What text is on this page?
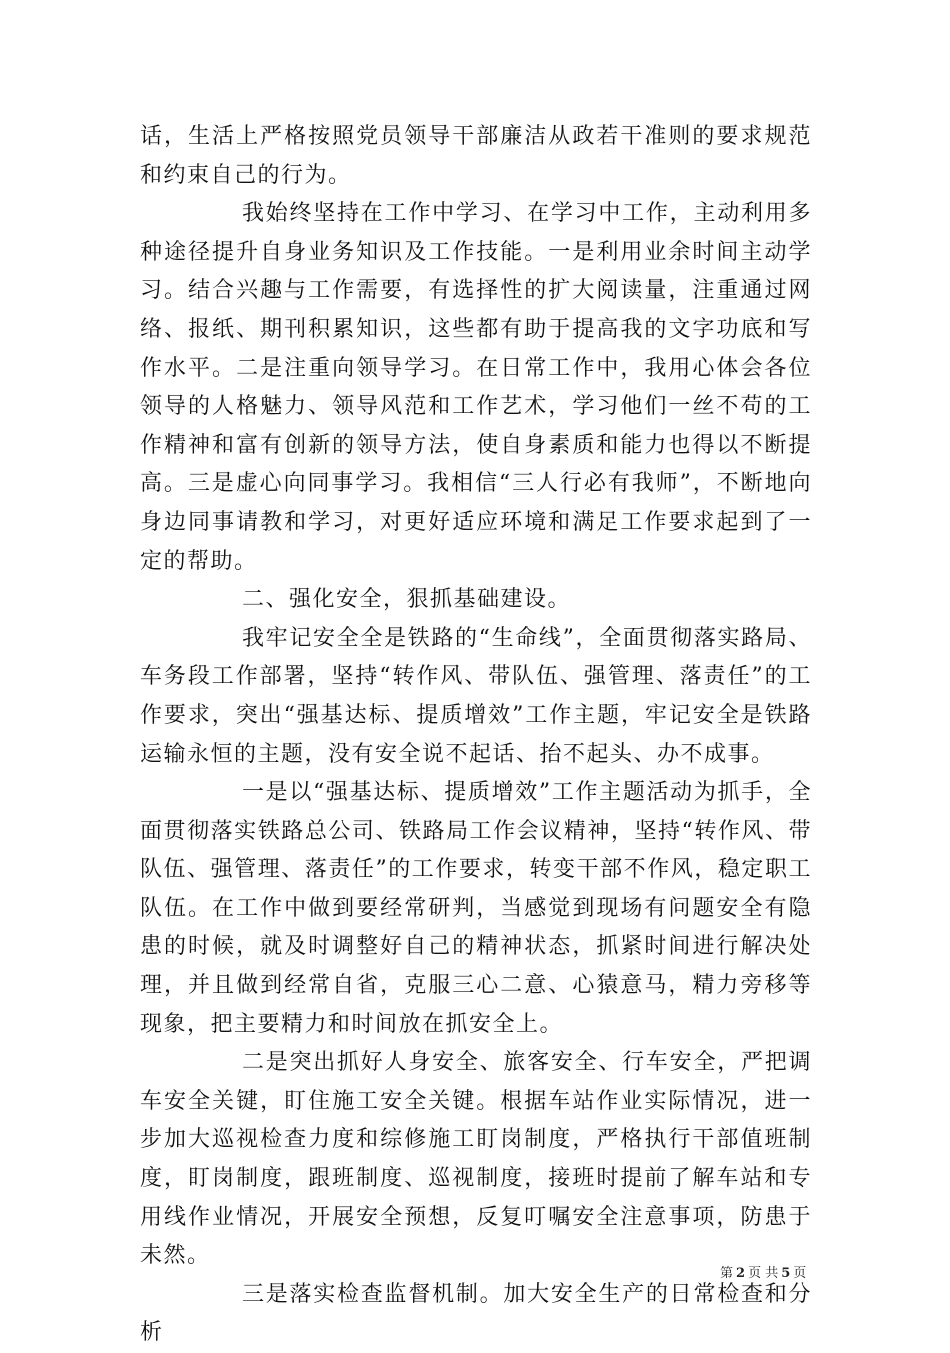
话，生活上严格按照党员领导干部廉洁从政若干准则的要求规范和约束自己的行为。

我始终坚持在工作中学习、在学习中工作，主动利用多种途径提升自身业务知识及工作技能。一是利用业余时间主动学习。结合兴趣与工作需要，有选择性的扩大阅读量，注重通过网络、报纸、期刊积累知识，这些都有助于提高我的文字功底和写作水平。二是注重向领导学习。在日常工作中，我用心体会各位领导的人格魅力、领导风范和工作艺术，学习他们一丝不苟的工作精神和富有创新的领导方法，使自身素质和能力也得以不断提高。三是虚心向同事学习。我相信“三人行必有我师”，不断地向身边同事请教和学习，对更好适应环境和满足工作要求起到了一定的帮助。

二、强化安全，狠抓基础建设。

我牢记安全全是铁路的“生命线”，全面贯彻落实路局、车务段工作部署，坚持“转作风、带队伍、强管理、落责任”的工作要求，突出“强基达标、提质增效”工作主题，牢记安全是铁路运输永恒的主题，没有安全说不起话、抬不起头、办不成事。

一是以“强基达标、提质增效”工作主题活动为抓手，全面贯彻落实铁路总公司、铁路局工作会议精神，坚持“转作风、带队伍、强管理、落责任”的工作要求，转变干部不作风，稳定职工队伍。在工作中做到要经常研判，当感觉到现场有问题安全有隐患的时候，就及时调整好自己的精神状态，抓紧时间进行解决处理，并且做到经常自省，克服三心二意、心猿意马，精力旁移等现象，把主要精力和时间放在抓安全上。

二是突出抓好人身安全、旅客安全、行车安全，严把调车安全关键，盯住施工安全关键。根据车站作业实际情况，进一步加大巡视检查力度和综修施工盯岗制度，严格执行干部值班制度，盯岗制度，跟班制度、巡视制度，接班时提前了解车站和专用线作业情况，开展安全预想，反复叮嘱安全注意事项，防患于未然。

三是落实检查监督机制。加大安全生产的日常检查和分析

第 2 页 共 5 页
